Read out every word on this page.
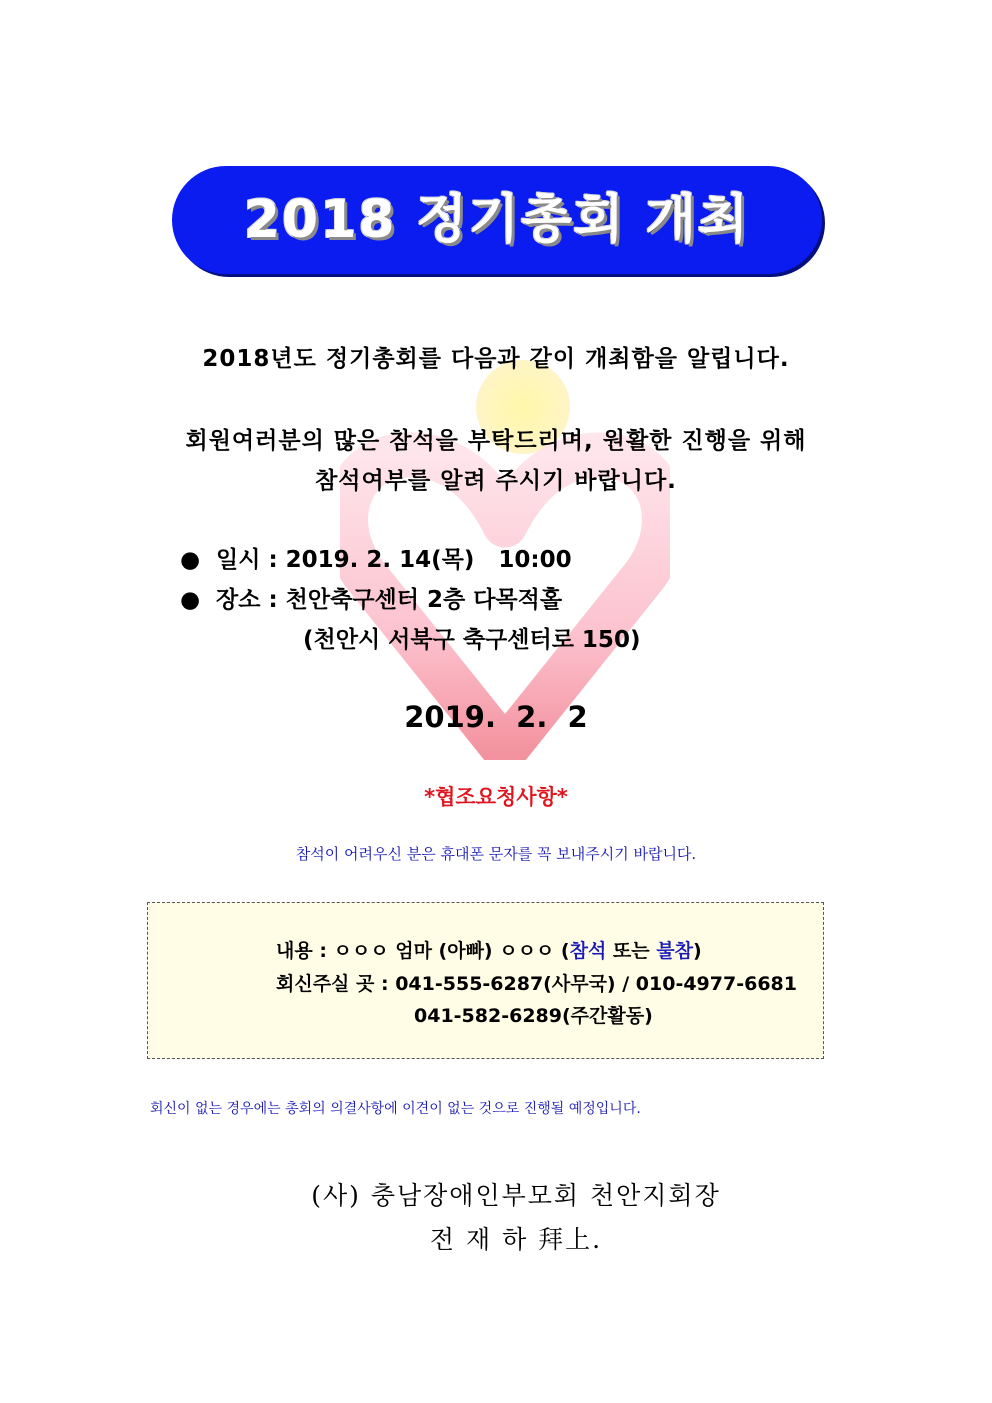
2018 정기총회 개최
2018년도 정기총회를 다음과 같이 개최함을 알립니다.
회원여러분의 많은 참석을 부탁드리며, 원활한 진행을 위해
참석여부를 알려 주시기 바랍니다.
● 일시 : 2019. 2. 14(목)   10:00
● 장소 : 천안축구센터 2층 다목적홀
(천안시 서북구 축구센터로 150)
2019.  2.  2
*협조요청사항*
참석이 어려우신 분은 휴대폰 문자를 꼭 보내주시기 바랍니다.
내용 : ㅇㅇㅇ 엄마 (아빠) ㅇㅇㅇ (참석 또는 불참)
회신주실 곳 : 041-555-6287(사무국) / 010-4977-6681
041-582-6289(주간활동)
회신이 없는 경우에는 총회의 의결사항에 이견이 없는 것으로 진행될 예정입니다.
(사) 충남장애인부모회 천안지회장
전 재 하 拜上.
